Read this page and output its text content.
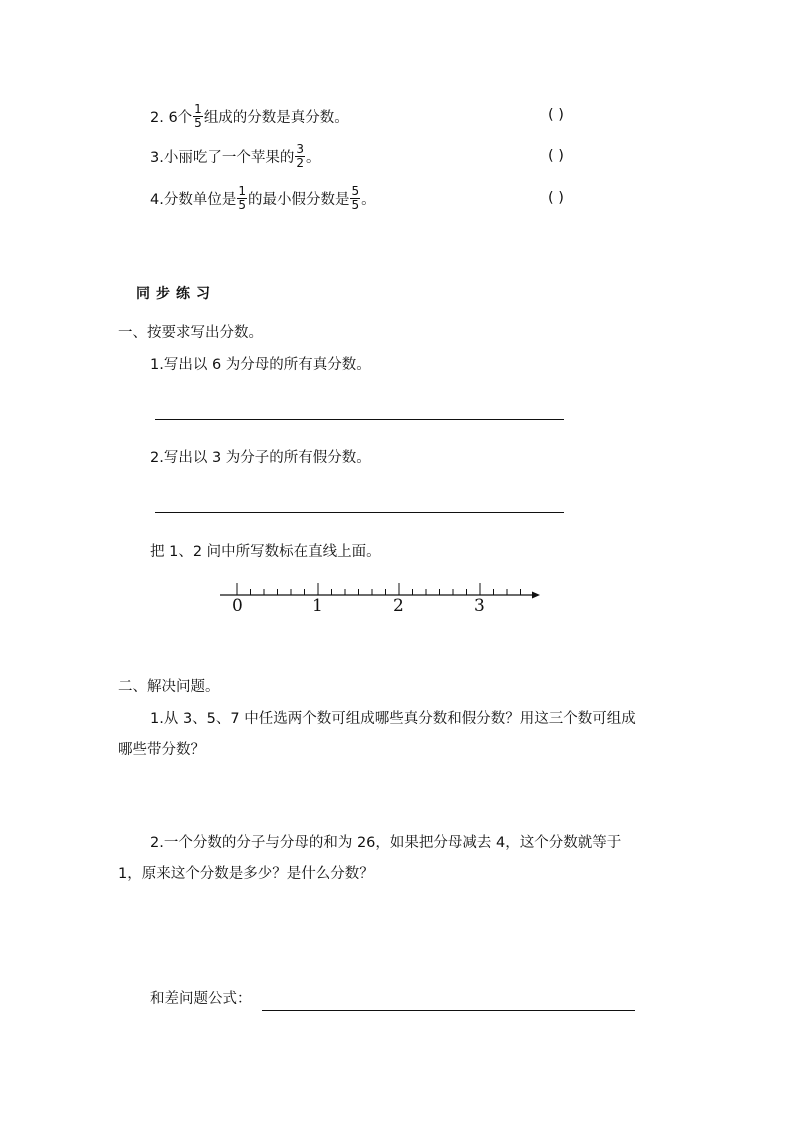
2. 6个 $\frac{1}{5}$ 组成的分数是真分数。	( )
3.小丽吃了一个苹果的 $\frac{3}{2}$ 。	( )
4.分数单位是 $\frac{1}{5}$ 的最小假分数是 $\frac{5}{5}$ 。	( )
同步练习
一、按要求写出分数。
1.写出以 6 为分母的所有真分数。
2.写出以 3 为分子的所有假分数。
把 1、2 问中所写数标在直线上面。
0	1	2	3
二、解决问题。
1.从 3、5、7 中任选两个数可组成哪些真分数和假分数？用这三个数可组成
哪些带分数？
2.一个分数的分子与分母的和为 26，如果把分母减去 4，这个分数就等于
1，原来这个分数是多少？是什么分数？
和差问题公式：
